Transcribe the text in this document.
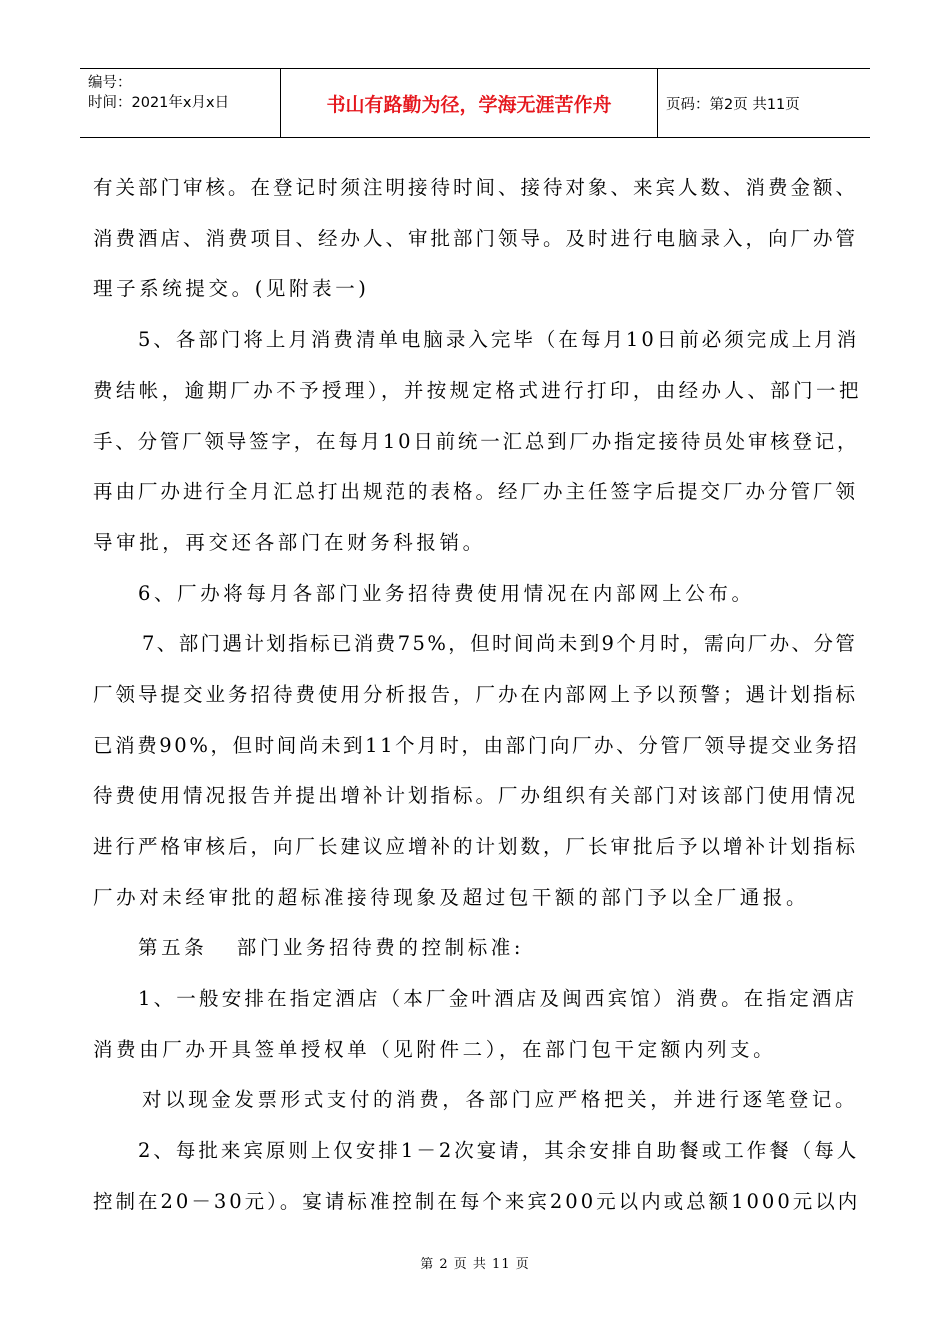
编号：
时间：2021年x月x日	书山有路勤为径，学海无涯苦作舟	页码：第2页 共11页
有关部门审核。在登记时须注明接待时间、接待对象、来宾人数、消费金额、
消费酒店、消费项目、经办人、审批部门领导。及时进行电脑录入，向厂办管
理子系统提交。(见附表一)
5、各部门将上月消费清单电脑录入完毕（在每月10日前必须完成上月消
费结帐，逾期厂办不予授理），并按规定格式进行打印，由经办人、部门一把
手、分管厂领导签字，在每月10日前统一汇总到厂办指定接待员处审核登记，
再由厂办进行全月汇总打出规范的表格。经厂办主任签字后提交厂办分管厂领
导审批，再交还各部门在财务科报销。
6、厂办将每月各部门业务招待费使用情况在内部网上公布。
7、部门遇计划指标已消费75%，但时间尚未到9个月时，需向厂办、分管
厂领导提交业务招待费使用分析报告，厂办在内部网上予以预警；遇计划指标
已消费90%，但时间尚未到11个月时，由部门向厂办、分管厂领导提交业务招
待费使用情况报告并提出增补计划指标。厂办组织有关部门对该部门使用情况
进行严格审核后，向厂长建议应增补的计划数，厂长审批后予以增补计划指标
厂办对未经审批的超标准接待现象及超过包干额的部门予以全厂通报。
第五条   部门业务招待费的控制标准:
1、一般安排在指定酒店（本厂金叶酒店及闽西宾馆）消费。在指定酒店
消费由厂办开具签单授权单（见附件二），在部门包干定额内列支。
对以现金发票形式支付的消费，各部门应严格把关，并进行逐笔登记。
2、每批来宾原则上仅安排1－2次宴请，其余安排自助餐或工作餐（每人
控制在20－30元）。宴请标准控制在每个来宾200元以内或总额1000元以内
第 2 页 共 11 页
